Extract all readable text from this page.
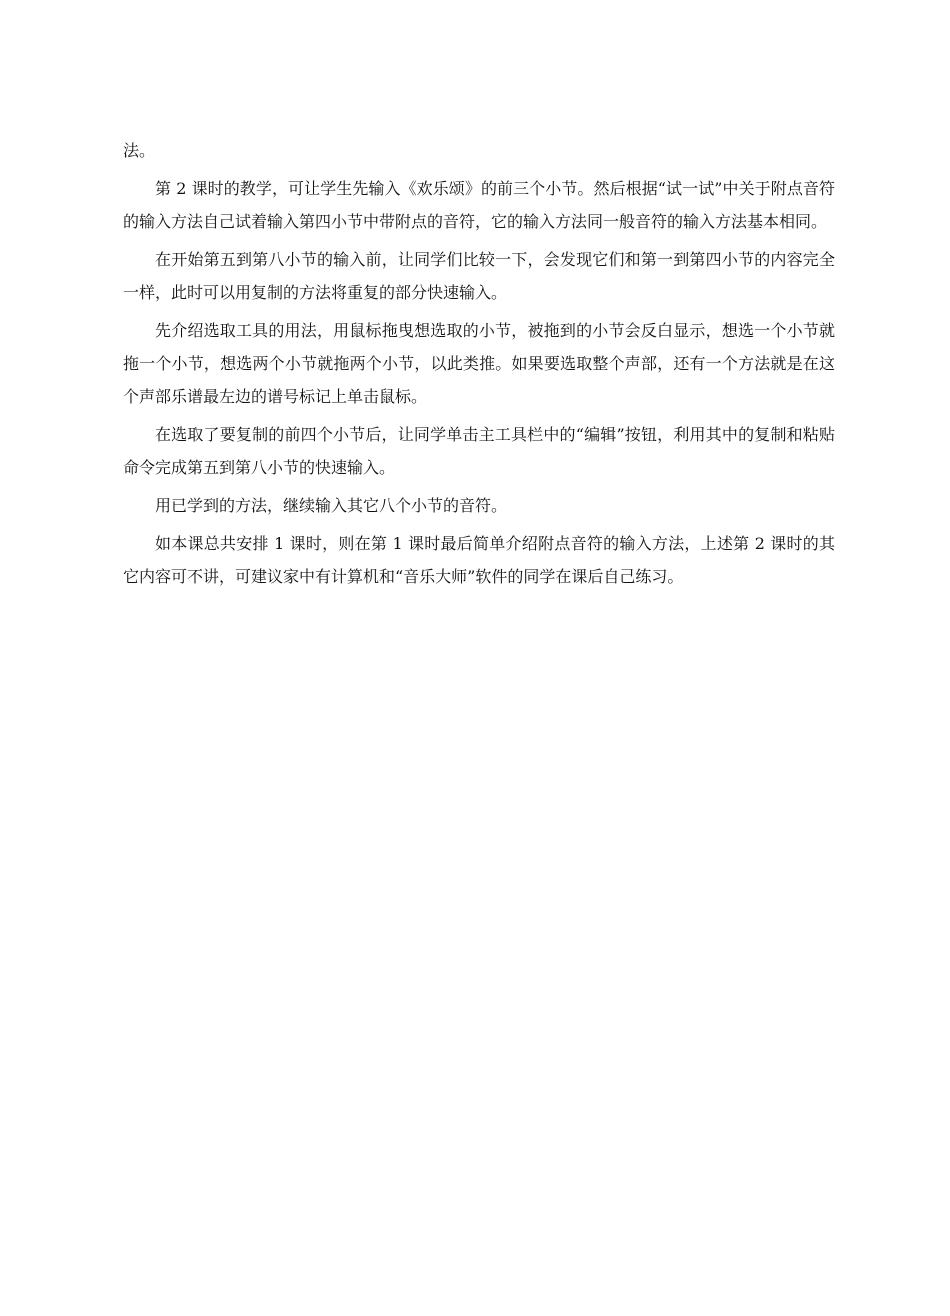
法。

第 2 课时的教学，可让学生先输入《欢乐颂》的前三个小节。然后根据“试一试”中关于附点音符的输入方法自己试着输入第四小节中带附点的音符，它的输入方法同一般音符的输入方法基本相同。

在开始第五到第八小节的输入前，让同学们比较一下，会发现它们和第一到第四小节的内容完全一样，此时可以用复制的方法将重复的部分快速输入。

先介绍选取工具的用法，用鼠标拖曳想选取的小节，被拖到的小节会反白显示，想选一个小节就拖一个小节，想选两个小节就拖两个小节，以此类推。如果要选取整个声部，还有一个方法就是在这个声部乐谱最左边的谱号标记上单击鼠标。

在选取了要复制的前四个小节后，让同学单击主工具栏中的“编辑”按钮，利用其中的复制和粘贴命令完成第五到第八小节的快速输入。

用已学到的方法，继续输入其它八个小节的音符。

如本课总共安排 1 课时，则在第 1 课时最后简单介绍附点音符的输入方法，上述第 2 课时的其它内容可不讲，可建议家中有计算机和“音乐大师”软件的同学在课后自己练习。
